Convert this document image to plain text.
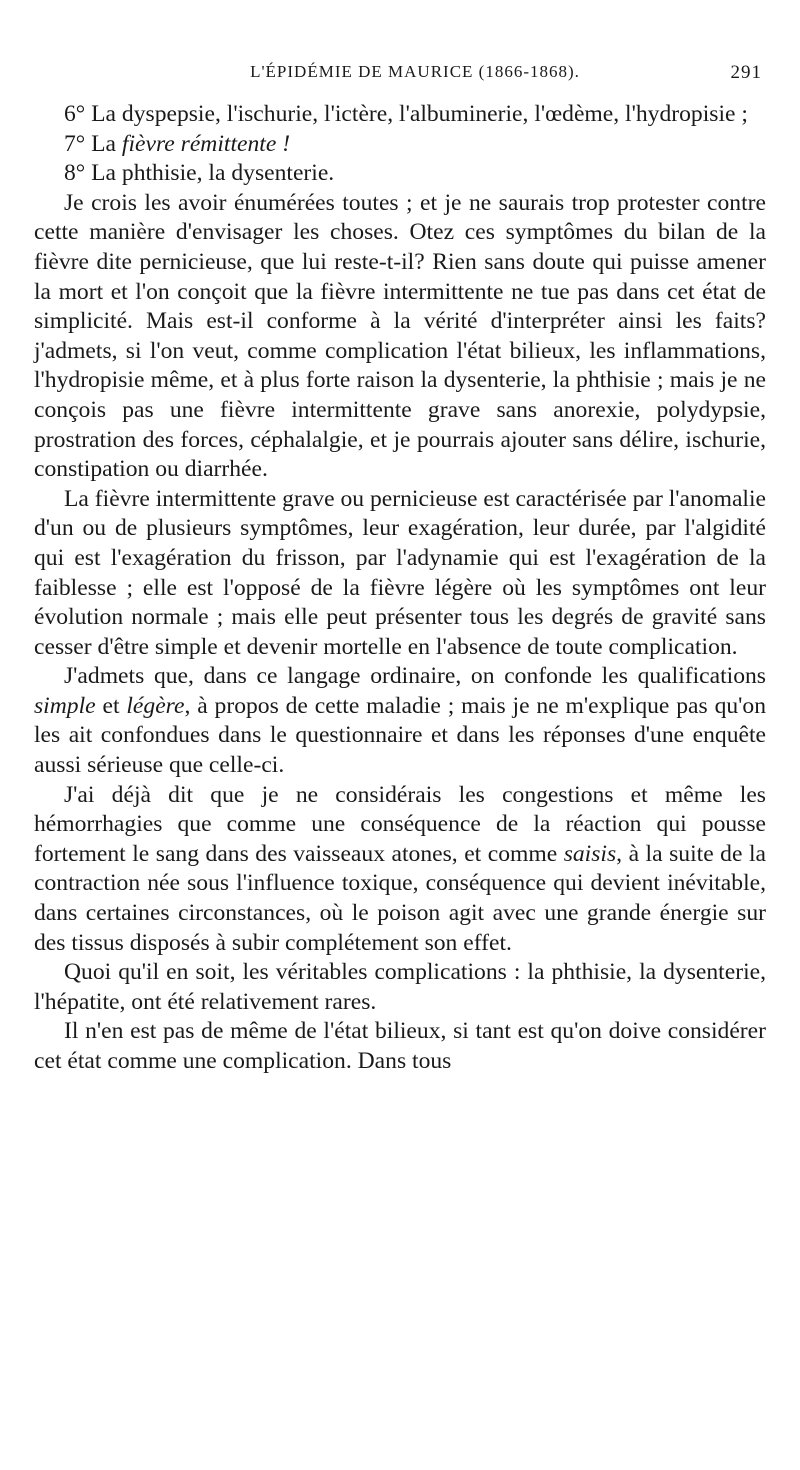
L'ÉPIDÉMIE DE MAURICE (1866-1868).	291

6° La dyspepsie, l'ischurie, l'ictère, l'albuminerie, l'œdème, l'hydropisie ;

7° La fièvre rémittente !

8° La phthisie, la dysenterie.

Je crois les avoir énumérées toutes ; et je ne saurais trop protester contre cette manière d'envisager les choses. Otez ces symptômes du bilan de la fièvre dite pernicieuse, que lui reste-t-il? Rien sans doute qui puisse amener la mort et l'on conçoit que la fièvre intermittente ne tue pas dans cet état de simplicité. Mais est-il conforme à la vérité d'interpréter ainsi les faits? j'admets, si l'on veut, comme complication l'état bilieux, les inflammations, l'hydropisie même, et à plus forte raison la dysenterie, la phthisie ; mais je ne conçois pas une fièvre intermittente grave sans anorexie, polydypsie, prostration des forces, céphalalgie, et je pourrais ajouter sans délire, ischurie, constipation ou diarrhée.

La fièvre intermittente grave ou pernicieuse est caractérisée par l'anomalie d'un ou de plusieurs symptômes, leur exagération, leur durée, par l'algidité qui est l'exagération du frisson, par l'adynamie qui est l'exagération de la faiblesse ; elle est l'opposé de la fièvre légère où les symptômes ont leur évolution normale ; mais elle peut présenter tous les degrés de gravité sans cesser d'être simple et devenir mortelle en l'absence de toute complication.

J'admets que, dans ce langage ordinaire, on confonde les qualifications simple et légère, à propos de cette maladie ; mais je ne m'explique pas qu'on les ait confondues dans le questionnaire et dans les réponses d'une enquête aussi sérieuse que celle-ci.

J'ai déjà dit que je ne considérais les congestions et même les hémorrhagies que comme une conséquence de la réaction qui pousse fortement le sang dans des vaisseaux atones, et comme saisis, à la suite de la contraction née sous l'influence toxique, conséquence qui devient inévitable, dans certaines circonstances, où le poison agit avec une grande énergie sur des tissus disposés à subir complétement son effet.

Quoi qu'il en soit, les véritables complications : la phthisie, la dysenterie, l'hépatite, ont été relativement rares.

Il n'en est pas de même de l'état bilieux, si tant est qu'on doive considérer cet état comme une complication. Dans tous
